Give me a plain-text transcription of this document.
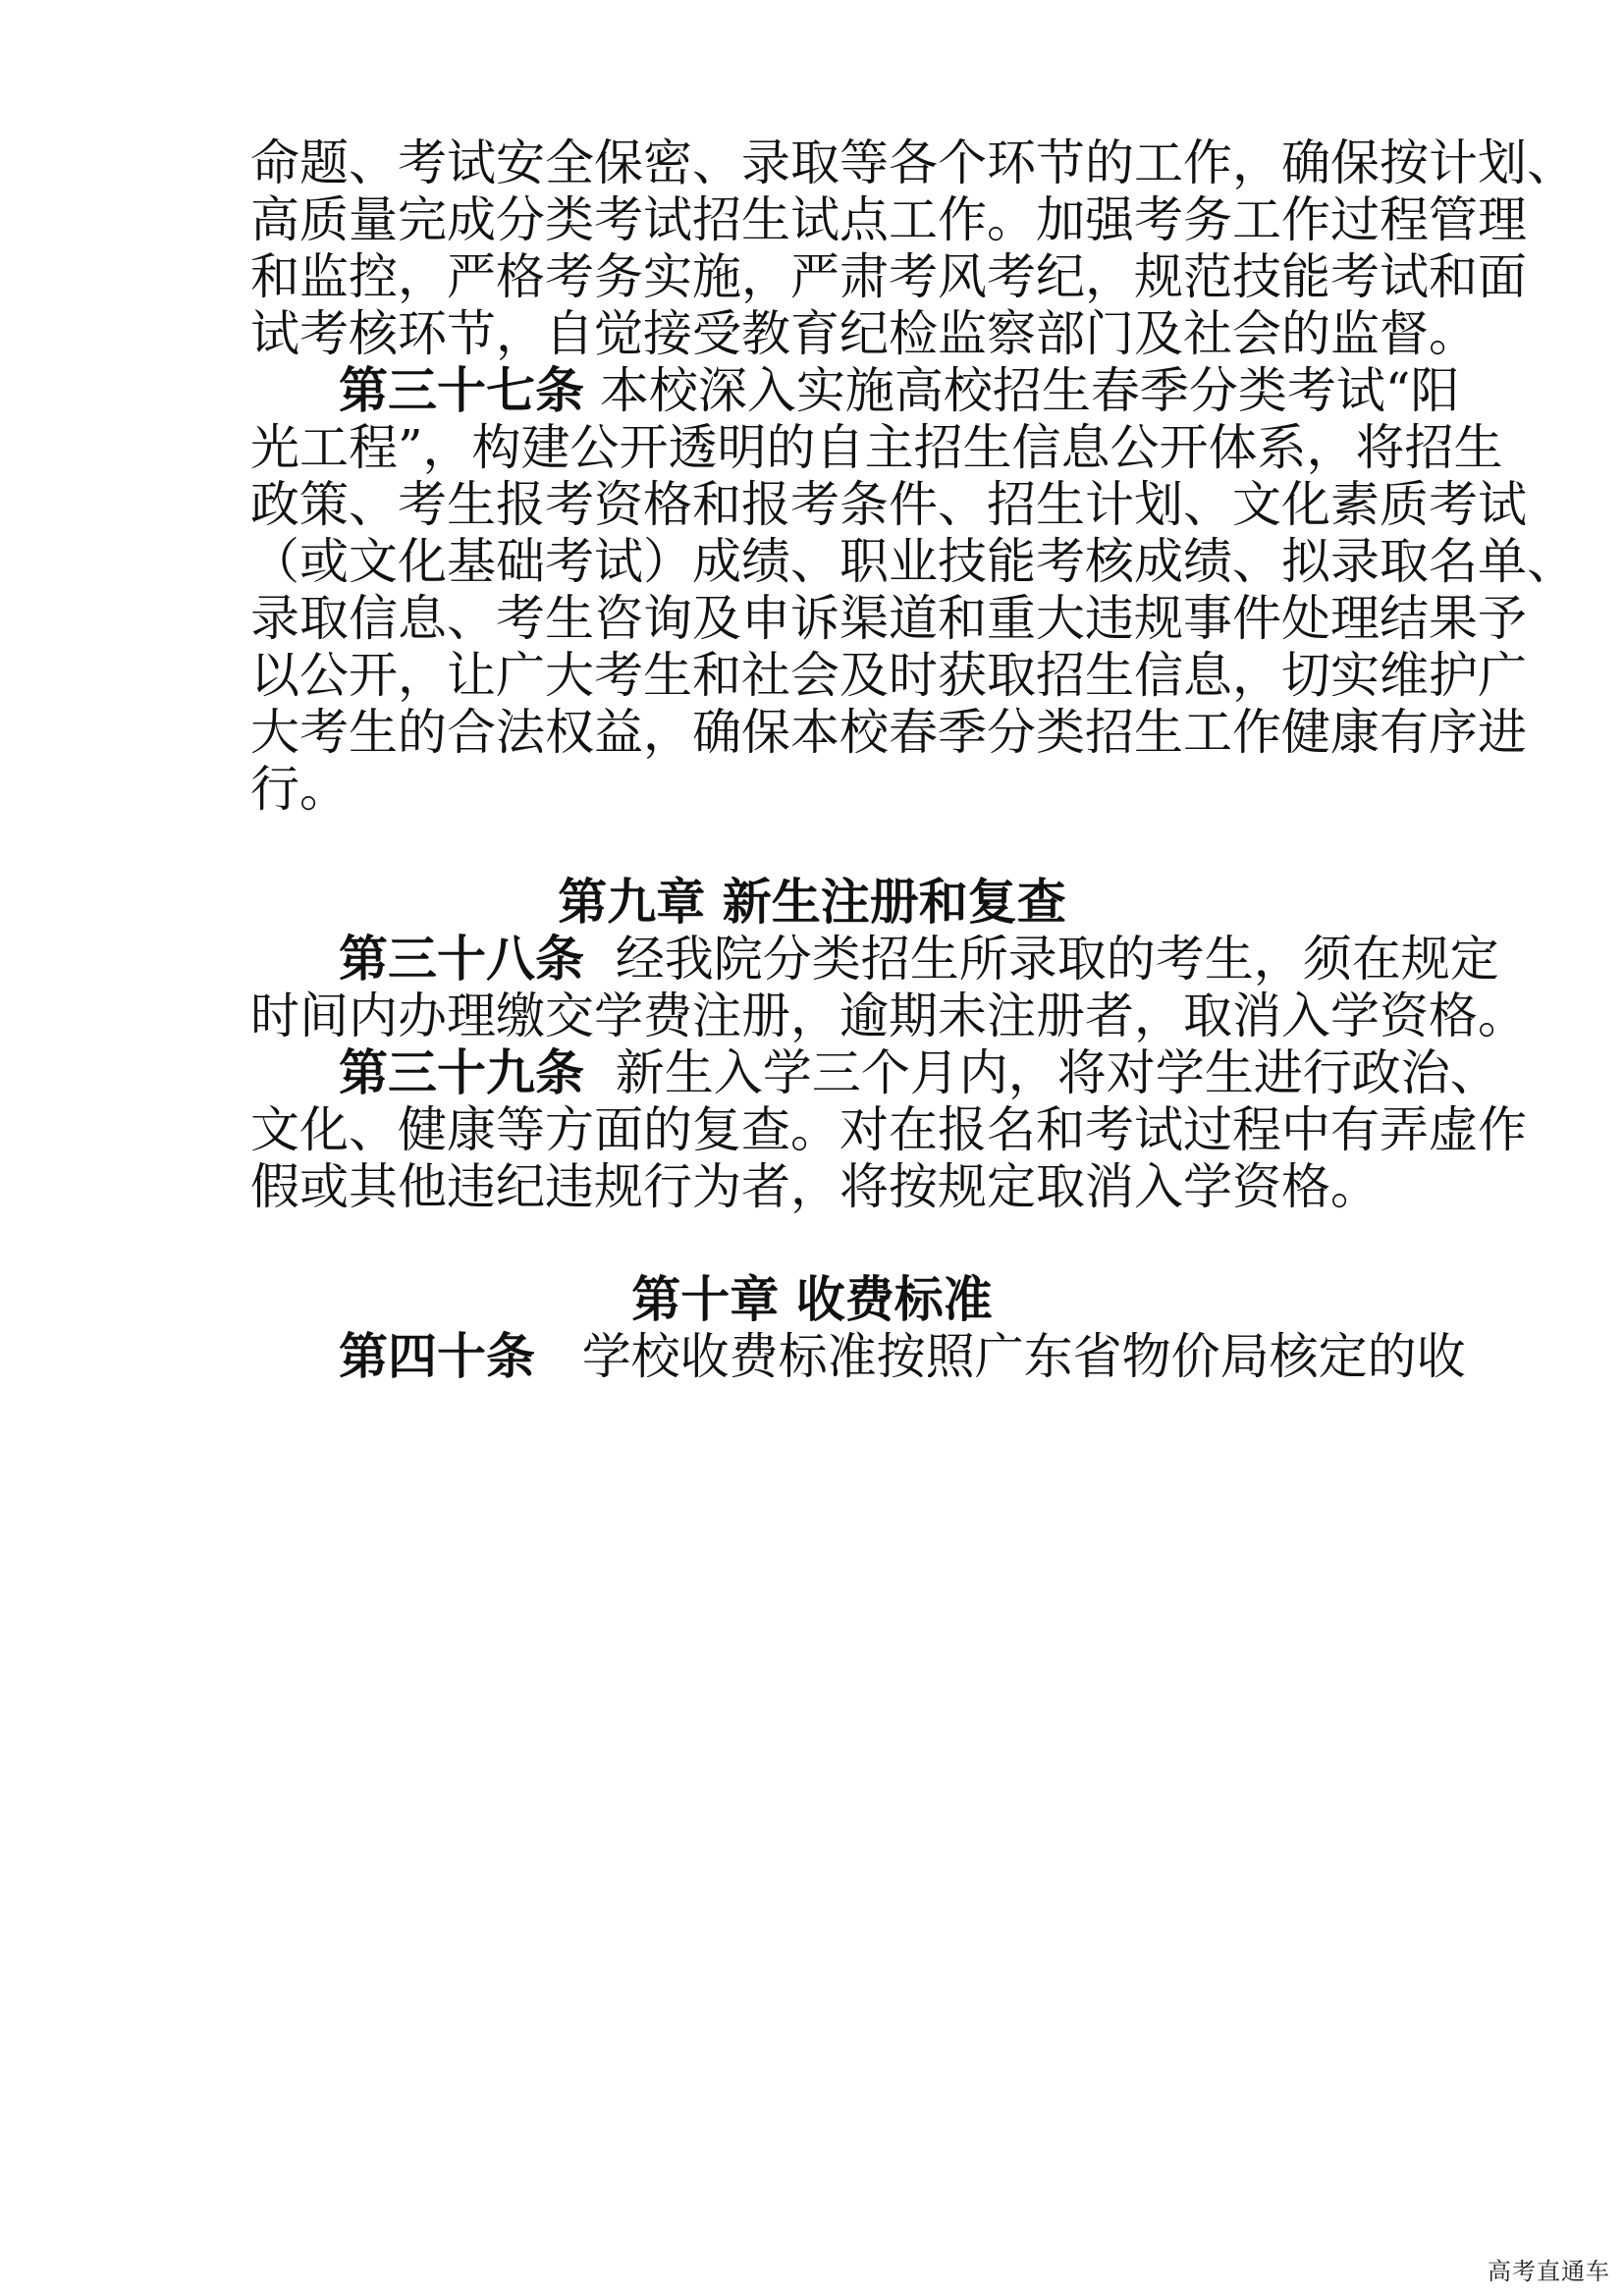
命题、考试安全保密、录取等各个环节的工作，确保按计划、
高质量完成分类考试招生试点工作。加强考务工作过程管理
和监控，严格考务实施，严肃考风考纪，规范技能考试和面
试考核环节，自觉接受教育纪检监察部门及社会的监督。
第三十七条 本校深入实施高校招生春季分类考试“阳
光工程”，构建公开透明的自主招生信息公开体系，将招生
政策、考生报考资格和报考条件、招生计划、文化素质考试
（或文化基础考试）成绩、职业技能考核成绩、拟录取名单、
录取信息、考生咨询及申诉渠道和重大违规事件处理结果予
以公开，让广大考生和社会及时获取招生信息，切实维护广
大考生的合法权益，确保本校春季分类招生工作健康有序进
行。
第九章 新生注册和复查
第三十八条 经我院分类招生所录取的考生，须在规定
时间内办理缴交学费注册，逾期未注册者，取消入学资格。
第三十九条 新生入学三个月内，将对学生进行政治、
文化、健康等方面的复查。对在报名和考试过程中有弄虚作
假或其他违纪违规行为者，将按规定取消入学资格。
第十章 收费标准
第四十条 学校收费标准按照广东省物价局核定的收
高考直通车
